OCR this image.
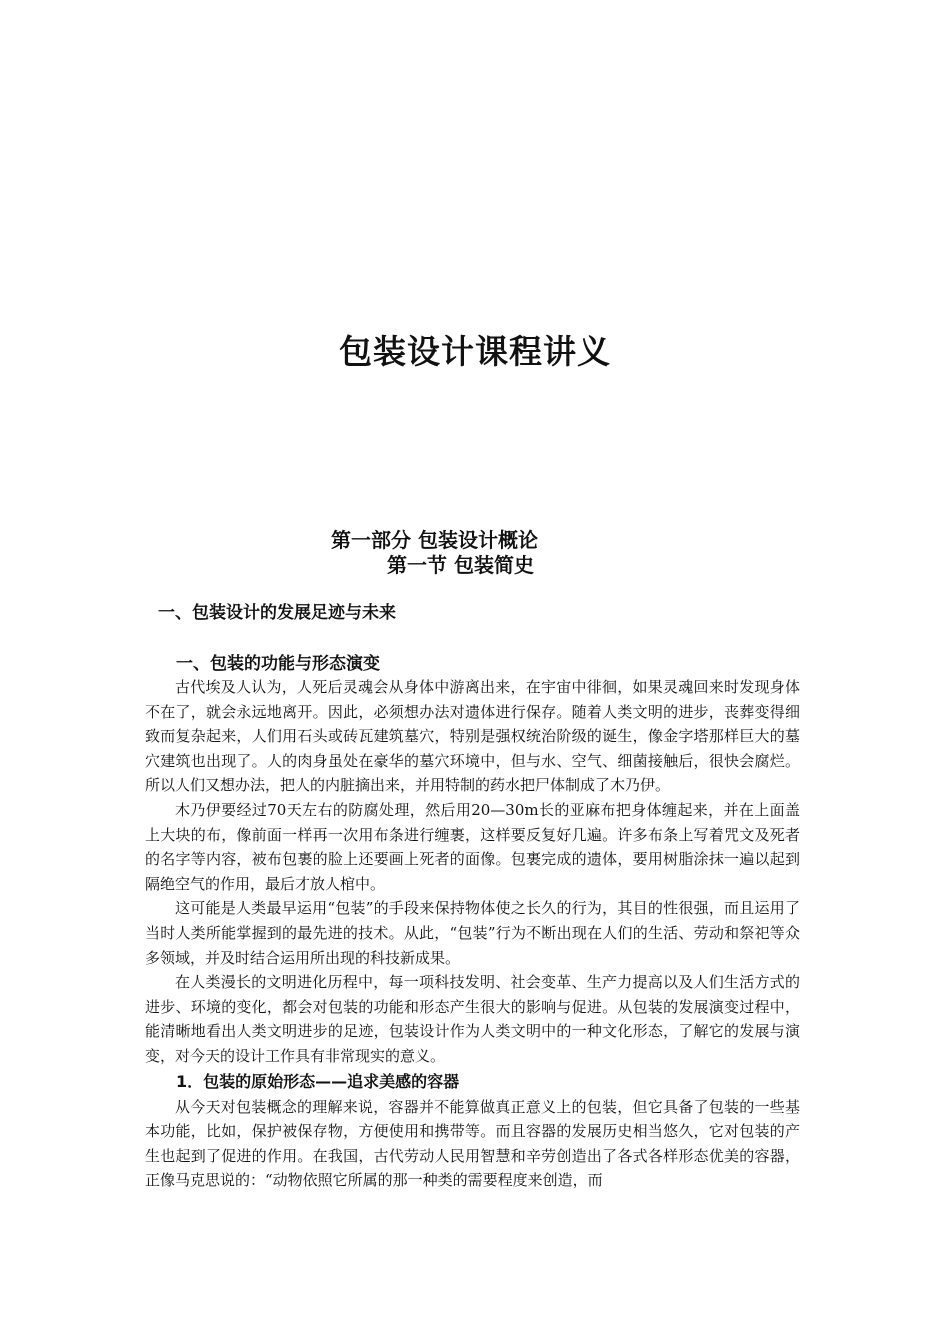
包装设计课程讲义
第一部分 包装设计概论
第一节 包装简史
一、包装设计的发展足迹与未来
一、包装的功能与形态演变

古代埃及人认为，人死后灵魂会从身体中游离出来，在宇宙中徘徊，如果灵魂回来时发现身体不在了，就会永远地离开。因此，必须想办法对遗体进行保存。随着人类文明的进步，丧葬变得细致而复杂起来，人们用石头或砖瓦建筑墓穴，特别是强权统治阶级的诞生，像金字塔那样巨大的墓穴建筑也出现了。人的肉身虽处在豪华的墓穴环境中，但与水、空气、细菌接触后，很快会腐烂。所以人们又想办法，把人的内脏摘出来，并用特制的药水把尸体制成了木乃伊。

木乃伊要经过70天左右的防腐处理，然后用20—30m长的亚麻布把身体缠起来，并在上面盖上大块的布，像前面一样再一次用布条进行缠裹，这样要反复好几遍。许多布条上写着咒文及死者的名字等内容，被布包裹的脸上还要画上死者的面像。包裹完成的遗体，要用树脂涂抹一遍以起到隔绝空气的作用，最后才放人棺中。

这可能是人类最早运用“包装”的手段来保持物体使之长久的行为，其目的性很强，而且运用了当时人类所能掌握到的最先进的技术。从此，“包装”行为不断出现在人们的生活、劳动和祭祀等众多领域，并及时结合运用所出现的科技新成果。

在人类漫长的文明进化历程中，每一项科技发明、社会变革、生产力提高以及人们生活方式的进步、环境的变化，都会对包装的功能和形态产生很大的影响与促进。从包装的发展演变过程中，能清晰地看出人类文明进步的足迹，包装设计作为人类文明中的一种文化形态，了解它的发展与演变，对今天的设计工作具有非常现实的意义。

1．包装的原始形态——追求美感的容器

从今天对包装概念的理解来说，容器并不能算做真正意义上的包装，但它具备了包装的一些基本功能，比如，保护被保存物，方便使用和携带等。而且容器的发展历史相当悠久，它对包装的产生也起到了促进的作用。在我国，古代劳动人民用智慧和辛劳创造出了各式各样形态优美的容器，正像马克思说的：“动物依照它所属的那一种类的需要程度来创造，而
